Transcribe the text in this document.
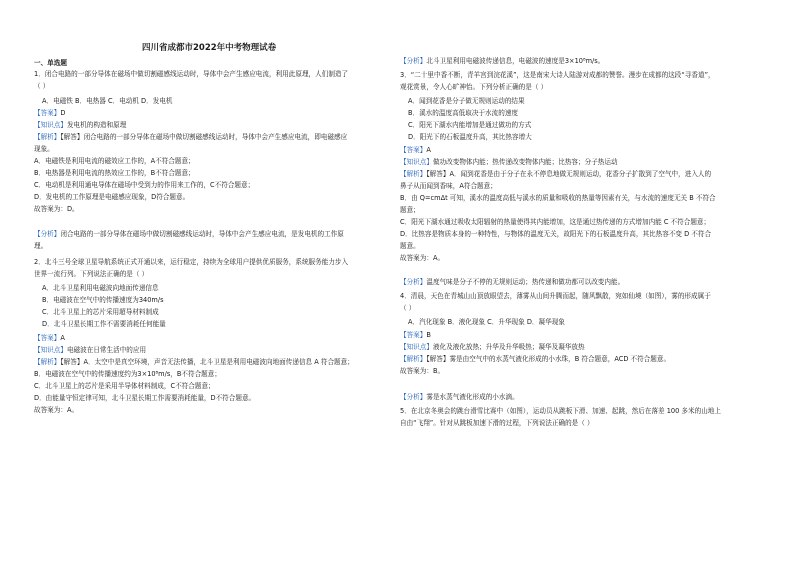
四川省成都市2022年中考物理试卷
一、单选题
1．闭合电路的一部分导体在磁场中做切割磁感线运动时，导体中会产生感应电流，利用此原理，人们制造了
（ ）
A．电磁铁 B．电热器 C．电动机 D．发电机
【答案】D
【知识点】发电机的构造和原理
【解析】【解答】闭合电路的一部分导体在磁场中做切割磁感线运动时，导体中会产生感应电流，即电磁感应
现象。
A．电磁铁是利用电流的磁效应工作的，A不符合题意；
B．电热器是利用电流的热效应工作的，B不符合题意；
C．电动机是利用通电导体在磁场中受到力的作用来工作的，C不符合题意；
D．发电机的工作原理是电磁感应现象，D符合题意。
故答案为：D。
【分析】闭合电路的一部分导体在磁场中做切割磁感线运动时，导体中会产生感应电流，是发电机的工作原
理。
2．北斗三号全球卫星导航系统正式开通以来，运行稳定，持续为全球用户提供优质服务，系统服务能力步入
世界一流行列。下列说法正确的是（ ）
A．北斗卫星利用电磁波向地面传递信息
B．电磁波在空气中的传播速度为340m/s
C．北斗卫星上的芯片采用超导材料制成
D．北斗卫星长期工作不需要消耗任何能量
【答案】A
【知识点】电磁波在日常生活中的应用
【解析】【解答】A．太空中是真空环境，声音无法传播，北斗卫星是利用电磁波向地面传递信息 A 符合题意；
B．电磁波在空气中的传播速度约为3×10⁸m/s，B不符合题意；
C．北斗卫星上的芯片是采用半导体材料制成，C不符合题意；
D．由能量守恒定律可知，北斗卫星长期工作需要消耗能量，D不符合题意。
故答案为：A。
【分析】北斗卫星利用电磁波传递信息，电磁波的速度是3×10⁸m/s。
3．“二十里中香不断，青羊宫到浣花溪”，这是南宋大诗人陆游对成都的赞誉。漫步在成都的这段“寻香道”，
观花赏景，令人心旷神怡。下列分析正确的是（ ）
A．闻到花香是分子做无规则运动的结果
B．溪水的温度高低取决于水流的速度
C．阳光下湖水内能增加是通过做功的方式
D．阳光下的石板温度升高，其比热容增大
【答案】A
【知识点】做功改变物体内能；热传递改变物体内能；比热容；分子热运动
【解析】【解答】A．闻到花香是由于分子在永不停息地做无规则运动，花香分子扩散到了空气中，进入人的
鼻子从而闻到香味，A符合题意；
B．由 Q=cmΔt 可知，溪水的温度高低与溪水的质量和吸收的热量等因素有关，与水流的速度无关 B 不符合
题意；
C．阳光下湖水通过吸收太阳辐射的热量使得其内能增加，这是通过热传递的方式增加内能 C 不符合题意；
D．比热容是物质本身的一种特性，与物体的温度无关，故阳光下的石板温度升高，其比热容不变 D 不符合
题意。
故答案为：A。
【分析】温度气味是分子不停的无规则运动；热传递和做功都可以改变内能。
4．清晨，天色在青城山山顶放眼望去，薄雾从山间升腾而起，随风飘散，宛如仙境（如图），雾的形成属于
（ ）
A．汽化现象 B．液化现象 C．升华现象 D．凝华现象
【答案】B
【知识点】液化及液化放热；升华及升华吸热；凝华及凝华放热
【解析】【解答】雾是由空气中的水蒸气液化形成的小水珠，B 符合题意，ACD 不符合题意。
故答案为：B。
【分析】雾是水蒸气液化形成的小水滴。
5．在北京冬奥会的跳台滑雪比赛中（如图），运动员从跳板下滑、加速、起跳，然后在落差 100 多米的山地上
自由“飞翔”。针对从跳板加速下滑的过程，下列说法正确的是（ ）
